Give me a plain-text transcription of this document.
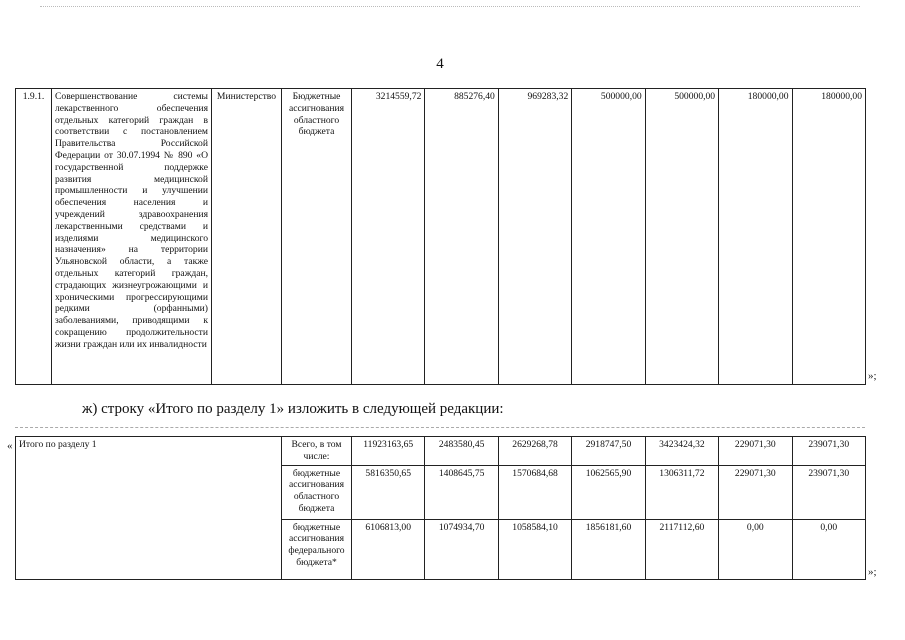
4
1.9.1.	Совершенствование системы лекарственного обеспечения отдельных категорий граждан в соответствии с постановлением Правительства Российской Федерации от 30.07.1994 № 890 «О государственной поддержке развития медицинской промышленности и улучшении обеспечения населения и учреждений здравоохранения лекарственными средствами и изделиями медицинского назначения» на территории Ульяновской области, а также отдельных категорий граждан, страдающих жизнеугрожающими и хроническими прогрессирующими редкими (орфанными) заболеваниями, приводящими к сокращению продолжительности жизни граждан или их инвалидности	Министерство	Бюджетные ассигнования областного бюджета	3214559,72	885276,40	969283,32	500000,00	500000,00	180000,00	180000,00
»;
ж) строку «Итого по разделу 1» изложить в следующей редакции:
« Итого по разделу 1	Всего, в том числе:	11923163,65	2483580,45	2629268,78	2918747,50	3423424,32	229071,30	239071,30
	бюджетные ассигнования областного бюджета	5816350,65	1408645,75	1570684,68	1062565,90	1306311,72	229071,30	239071,30
	бюджетные ассигнования федерального бюджета*	6106813,00	1074934,70	1058584,10	1856181,60	2117112,60	0,00	0,00
»;
